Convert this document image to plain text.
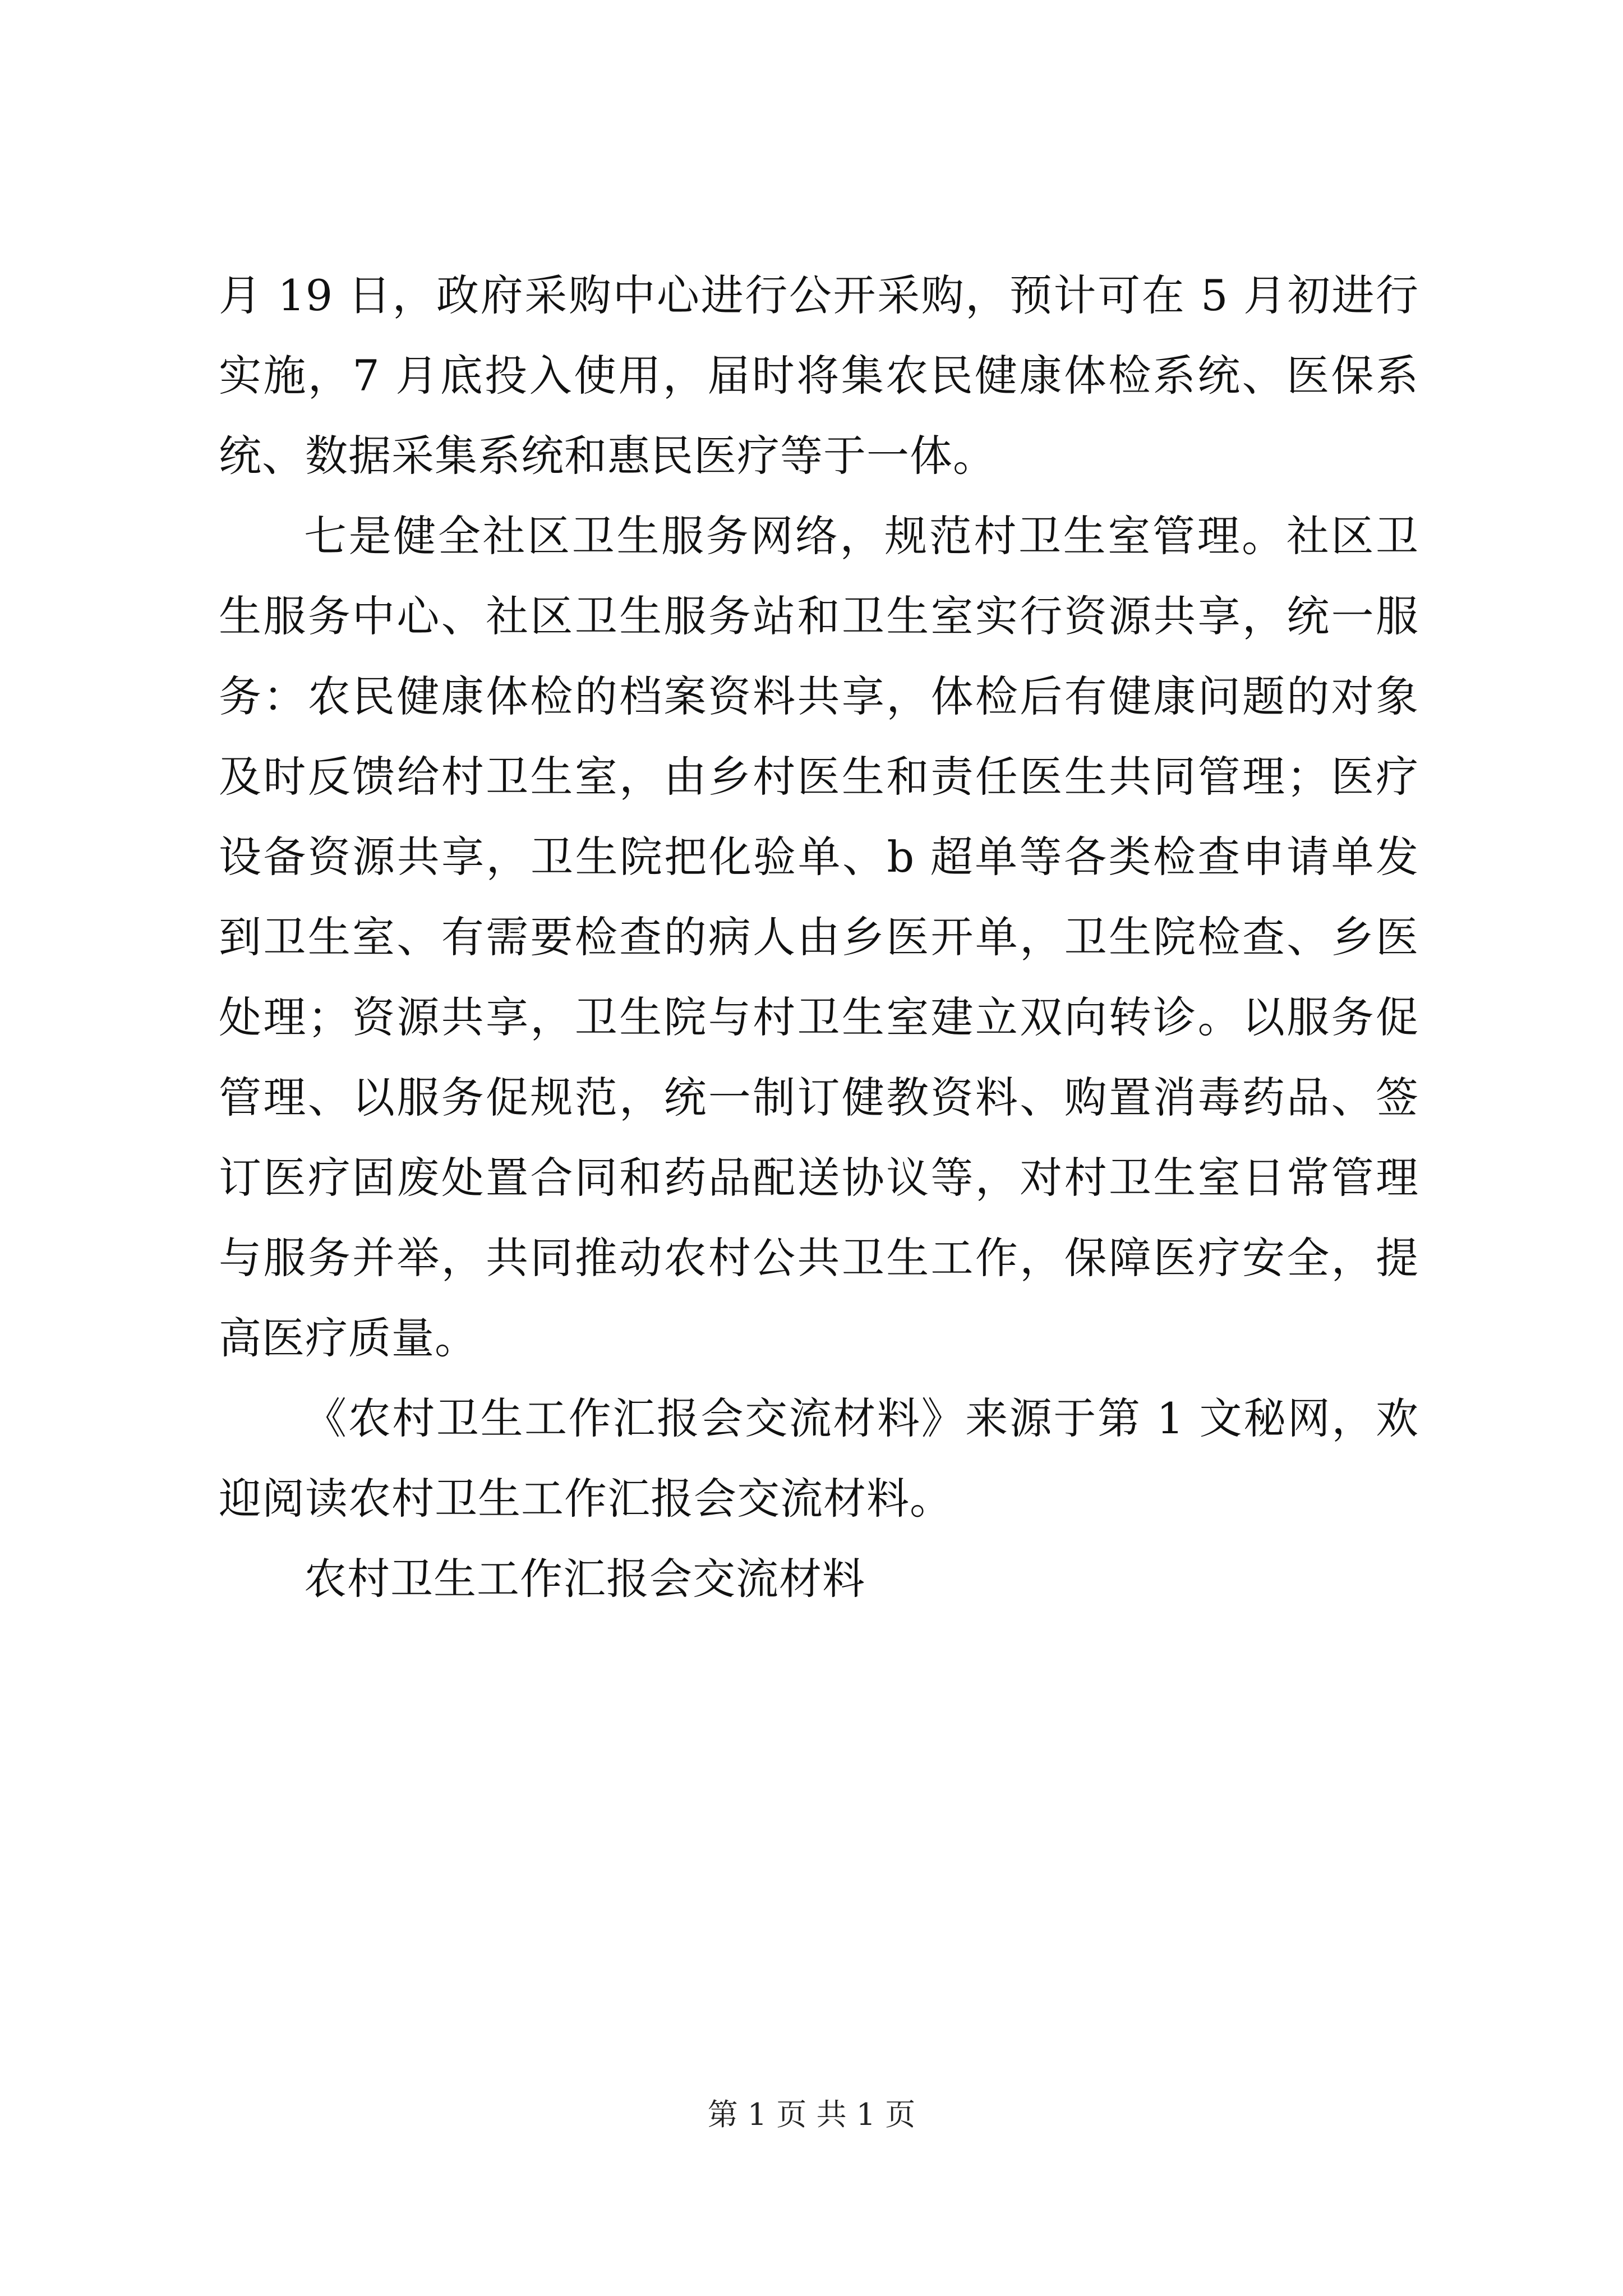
月 19 日，政府采购中心进行公开采购，预计可在 5 月初进行实施，7 月底投入使用，届时将集农民健康体检系统、医保系统、数据采集系统和惠民医疗等于一体。

七是健全社区卫生服务网络，规范村卫生室管理。社区卫生服务中心、社区卫生服务站和卫生室实行资源共享，统一服务：农民健康体检的档案资料共享，体检后有健康问题的对象及时反馈给村卫生室，由乡村医生和责任医生共同管理；医疗设备资源共享，卫生院把化验单、b 超单等各类检查申请单发到卫生室、有需要检查的病人由乡医开单，卫生院检查、乡医处理；资源共享，卫生院与村卫生室建立双向转诊。以服务促管理、以服务促规范，统一制订健教资料、购置消毒药品、签订医疗固废处置合同和药品配送协议等，对村卫生室日常管理与服务并举，共同推动农村公共卫生工作，保障医疗安全，提高医疗质量。

《农村卫生工作汇报会交流材料》来源于第 1 文秘网，欢迎阅读农村卫生工作汇报会交流材料。

农村卫生工作汇报会交流材料

第 1 页 共 1 页
